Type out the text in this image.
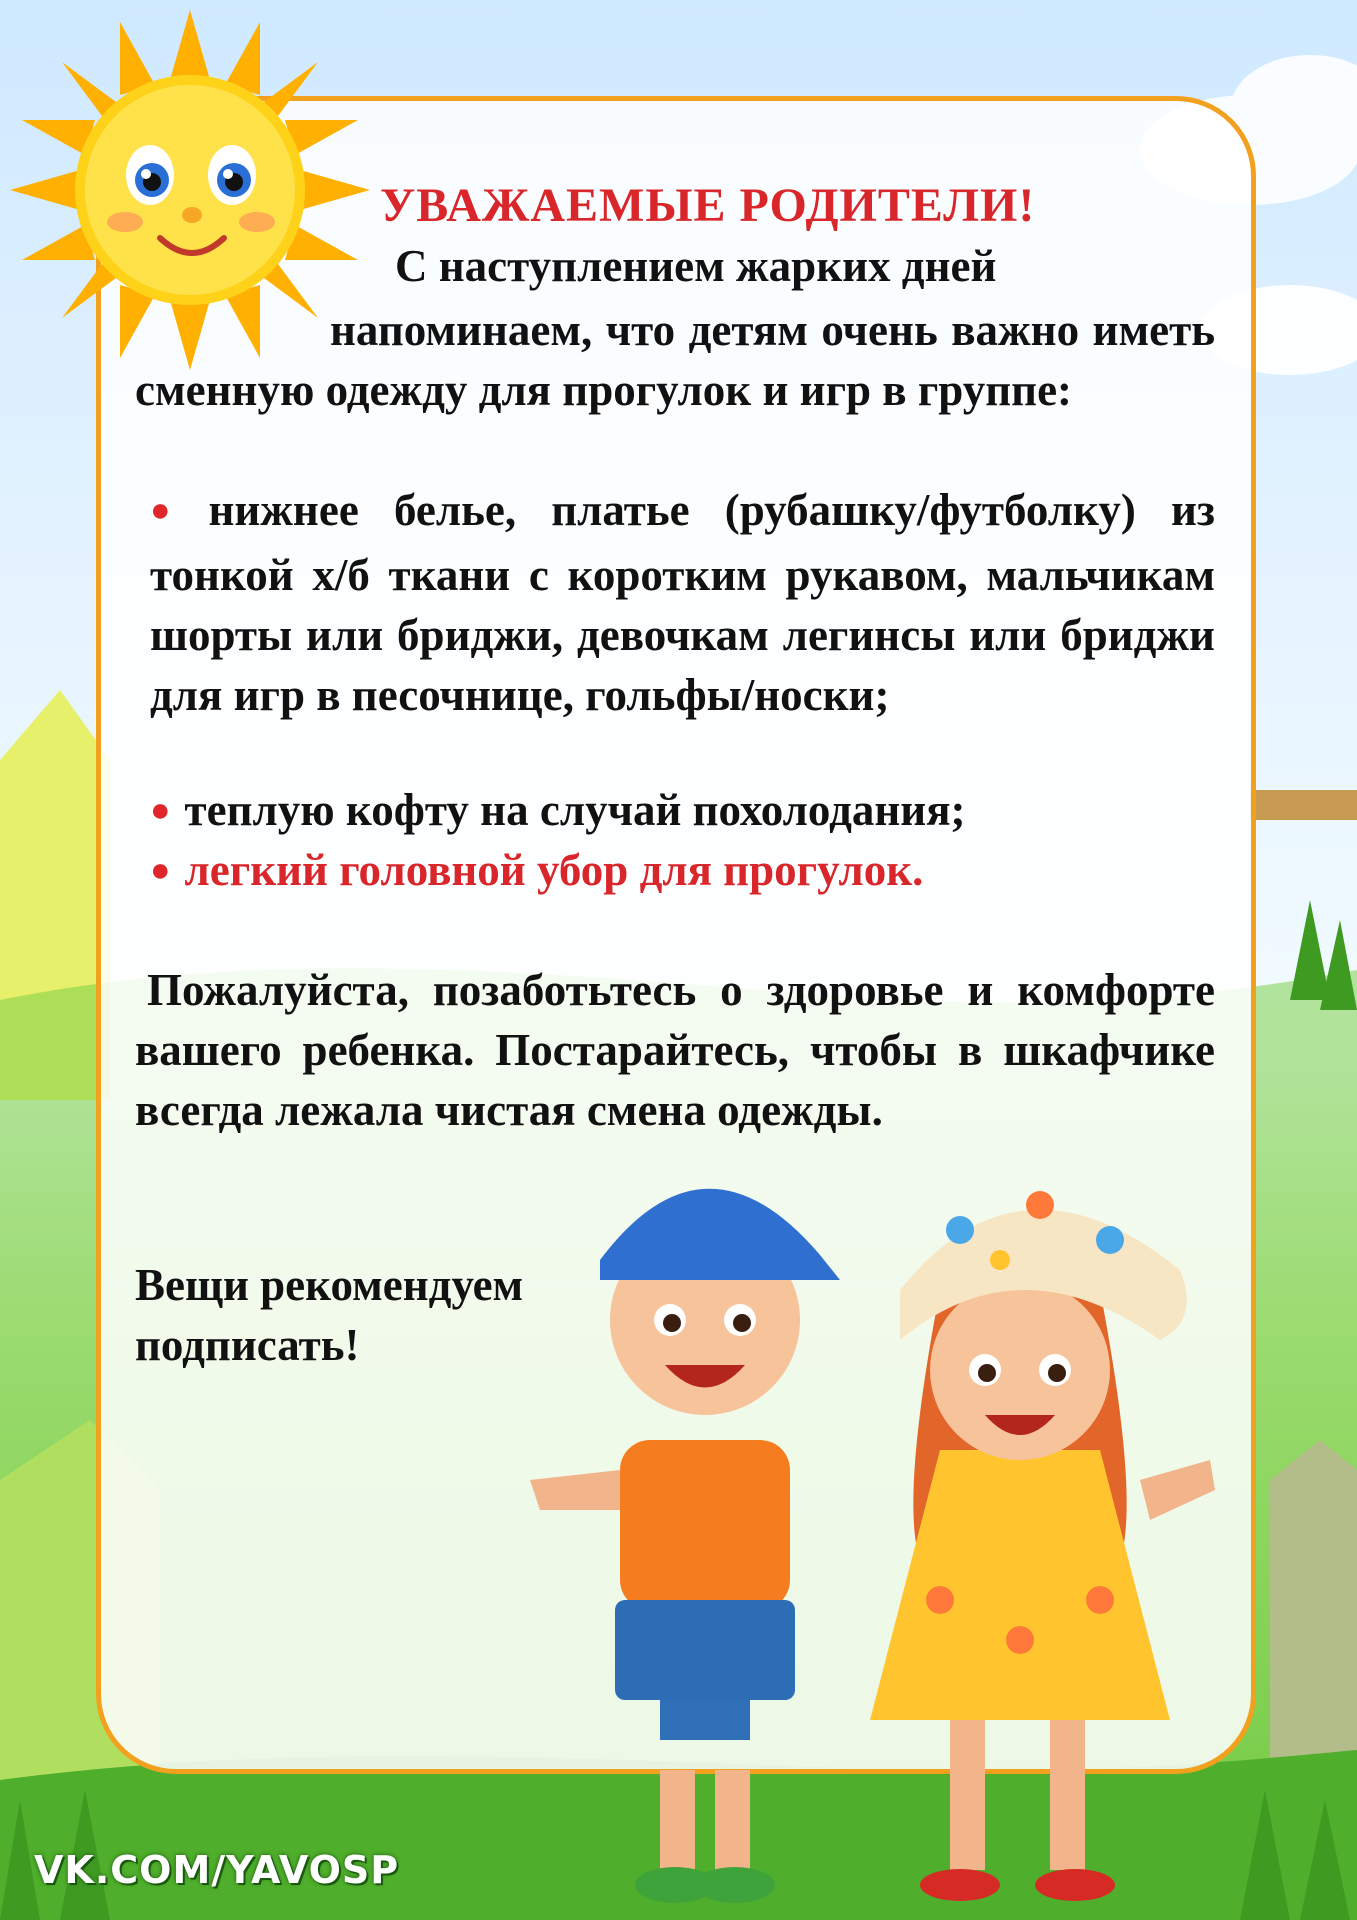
УВАЖАЕМЫЕ РОДИТЕЛИ!
С наступлением жарких дней
напоминаем, что детям очень важно иметь сменную одежду для прогулок и игр в группе:
● нижнее белье, платье (рубашку/футболку) из тонкой х/б ткани с коротким рукавом, мальчикам шорты или бриджи, девочкам легинсы или бриджи для игр в песочнице, гольфы/носки;
● теплую кофту на случай похолодания;
● легкий головной убор для прогулок.
Пожалуйста, позаботьтесь о здоровье и комфорте вашего ребенка. Постарайтесь, чтобы в шкафчике всегда лежала чистая смена одежды.
Вещи рекомендуем подписать!
VK.COM/YAVOSP
